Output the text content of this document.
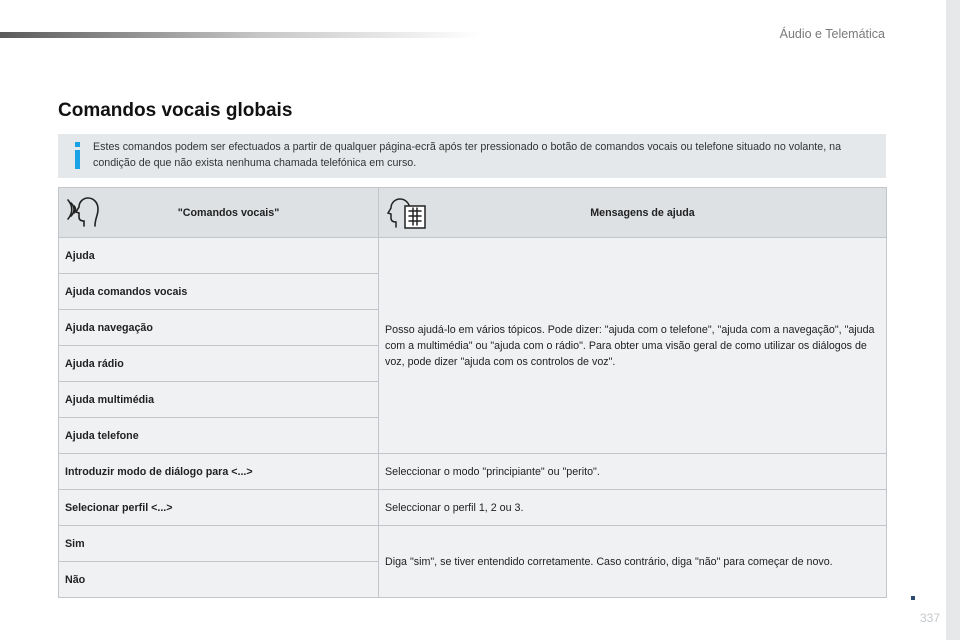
Áudio e Telemática
Comandos vocais globais
Estes comandos podem ser efectuados a partir de qualquer página-ecrã após ter pressionado o botão de comandos vocais ou telefone situado no volante, na condição de que não exista nenhuma chamada telefónica em curso.
"Comandos vocais"	Mensagens de ajuda

Ajuda	Posso ajudá-lo em vários tópicos. Pode dizer: "ajuda com o telefone", "ajuda com a navegação", "ajuda com a multimédia" ou "ajuda com o rádio". Para obter uma visão geral de como utilizar os diálogos de voz, pode dizer "ajuda com os controlos de voz".
Ajuda comandos vocais	
Ajuda navegação	
Ajuda rádio	
Ajuda multimédia	
Ajuda telefone	
Introduzir modo de diálogo para <...>	Seleccionar o modo "principiante" ou "perito".
Selecionar perfil <...>	Seleccionar o perfil 1, 2 ou 3.
Sim	Diga "sim", se tiver entendido corretamente. Caso contrário, diga "não" para começar de novo.
Não	
337
